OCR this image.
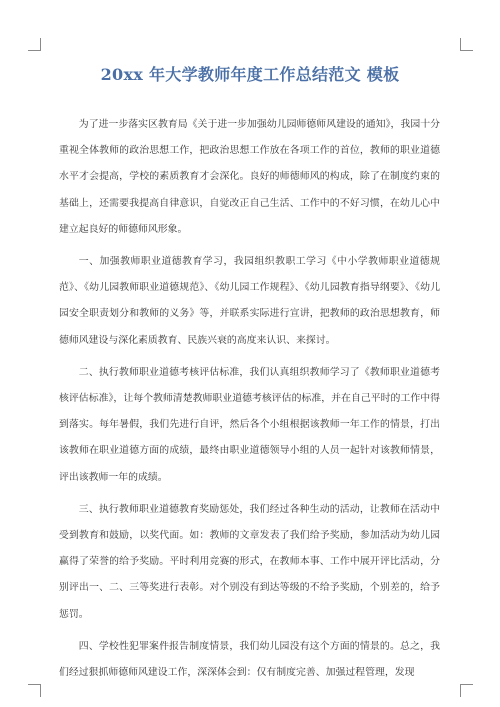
20xx 年大学教师年度工作总结范文 模板

为了进一步落实区教育局《关于进一步加强幼儿园师德师风建设的通知》，我园十分重视全体教师的政治思想工作，把政治思想工作放在各项工作的首位，教师的职业道德水平才会提高，学校的素质教育才会深化。良好的师德师风的构成，除了在制度约束的基础上，还需要我提高自律意识，自觉改正自己生活、工作中的不好习惯，在幼儿心中建立起良好的师德师风形象。

一、加强教师职业道德教育学习，我园组织教职工学习《中小学教师职业道德规范》、《幼儿园教师职业道德规范》、《幼儿园工作规程》、《幼儿园教育指导纲要》、《幼儿园安全职责划分和教师的义务》等，并联系实际进行宣讲，把教师的政治思想教育，师德师风建设与深化素质教育、民族兴衰的高度来认识、来探讨。

二、执行教师职业道德考核评估标准，我们认真组织教师学习了《教师职业道德考核评估标准》，让每个教师清楚教师职业道德考核评估的标准，并在自己平时的工作中得到落实。每年暑假，我们先进行自评，然后各个小组根据该教师一年工作的情景，打出该教师在职业道德方面的成绩，最终由职业道德领导小组的人员一起针对该教师情景，评出该教师一年的成绩。

三、执行教师职业道德教育奖励惩处，我们经过各种生动的活动，让教师在活动中受到教育和鼓励，以奖代面。如：教师的文章发表了我们给予奖励，参加活动为幼儿园赢得了荣誉的给予奖励。平时利用竞赛的形式，在教师本事、工作中展开评比活动，分别评出一、二、三等奖进行表彰。对个别没有到达等级的不给予奖励，个别差的，给予惩罚。

四、学校性犯罪案件报告制度情景，我们幼儿园没有这个方面的情景的。总之，我们经过狠抓师德师风建设工作，深深体会到：仅有制度完善、加强过程管理，发现
